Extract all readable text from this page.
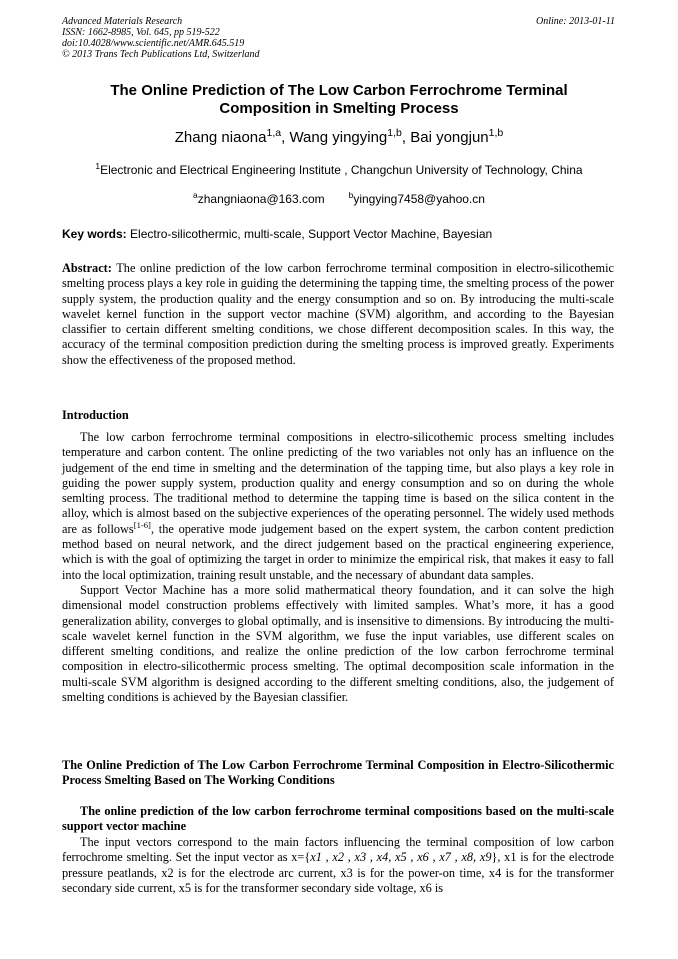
Advanced Materials Research
ISSN: 1662-8985, Vol. 645, pp 519-522
doi:10.4028/www.scientific.net/AMR.645.519
© 2013 Trans Tech Publications Ltd, Switzerland
Online: 2013-01-11
The Online Prediction of The Low Carbon Ferrochrome Terminal
Composition in Smelting Process
Zhang niaona$^{1,a}$, Wang yingying$^{1,b}$, Bai yongjun$^{1,b}$
$^1$Electronic and Electrical Engineering Institute , Changchun University of Technology, China
$^a$zhangniaona@163.com	$^b$yingying7458@yahoo.cn
Key words: Electro-silicothermic, multi-scale, Support Vector Machine, Bayesian
Abstract: The online prediction of the low carbon ferrochrome terminal composition in electro-silicothemic smelting process plays a key role in guiding the determining the tapping time, the smelting process of the power supply system, the production quality and the energy consumption and so on. By introducing the multi-scale wavelet kernel function in the support vector machine (SVM) algorithm, and according to the Bayesian classifier to certain different smelting conditions, we chose different decomposition scales. In this way, the accuracy of the terminal composition prediction during the smelting process is improved greatly. Experiments show the effectiveness of the proposed method.
Introduction

The low carbon ferrochrome terminal compositions in electro-silicothemic process smelting includes temperature and carbon content. The online predicting of the two variables not only has an influence on the judgement of the end time in smelting and the determination of the tapping time, but also plays a key role in guiding the power supply system, production quality and energy consumption and so on during the whole semlting process. The traditional method to determine the tapping time is based on the silica content in the alloy, which is almost based on the subjective experiences of the operating personnel. The widely used methods are as follows[1-6], the operative mode judgement based on the expert system, the carbon content prediction method based on neural network, and the direct judgement based on the practical engineering experience, which is with the goal of optimizing the target in order to minimize the empirical risk, that makes it easy to fall into the local optimization, training result unstable, and the necessary of abundant data samples.

Support Vector Machine has a more solid mathermatical theory foundation, and it can solve the high dimensional model construction problems effectively with limited samples. What’s more, it has a good generalization ability, converges to global optimally, and is insensitive to dimensions. By introducing the multi-scale wavelet kernel function in the SVM algorithm, we fuse the input variables, use different scales on different smelting conditions, and realize the online prediction of the low carbon ferrochrome terminal composition in electro-silicothermic process smelting. The optimal decomposition scale information in the multi-scale SVM algorithm is designed according to the different smelting conditions, also, the judgement of smelting conditions is achieved by the Bayesian classifier.

The Online Prediction of The Low Carbon Ferrochrome Terminal Composition in Electro-Silicothermic Process Smelting Based on The Working Conditions
The online prediction of the low carbon ferrochrome terminal compositions based on the multi-scale support vector machine

The input vectors correspond to the main factors influencing the terminal composition of low carbon ferrochrome smelting. Set the input vector as x={x1 , x2 , x3 , x4, x5 , x6 , x7 , x8, x9}, x1 is for the electrode pressure peatlands, x2 is for the electrode arc current, x3 is for the power-on time, x4 is for the transformer secondary side current, x5 is for the transformer secondary side voltage, x6 is
